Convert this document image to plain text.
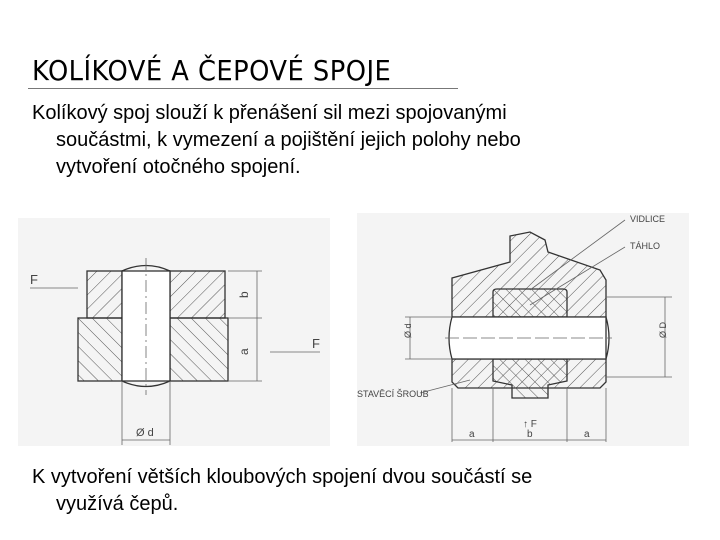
KOLÍKOVÉ A ČEPOVÉ SPOJE
Kolíkový spoj slouží k přenášení sil mezi spojovanými
součástmi, k vymezení a pojištění jejich polohy nebo
vytvoření otočného spojení.
F
F
b
a
Ø d
VIDLICE
TÁHLO
STAVĚCÍ ŠROUB
Ø d	Ø D
↑ F
a	b	a
K vytvoření větších kloubových spojení dvou součástí se
využívá čepů.
